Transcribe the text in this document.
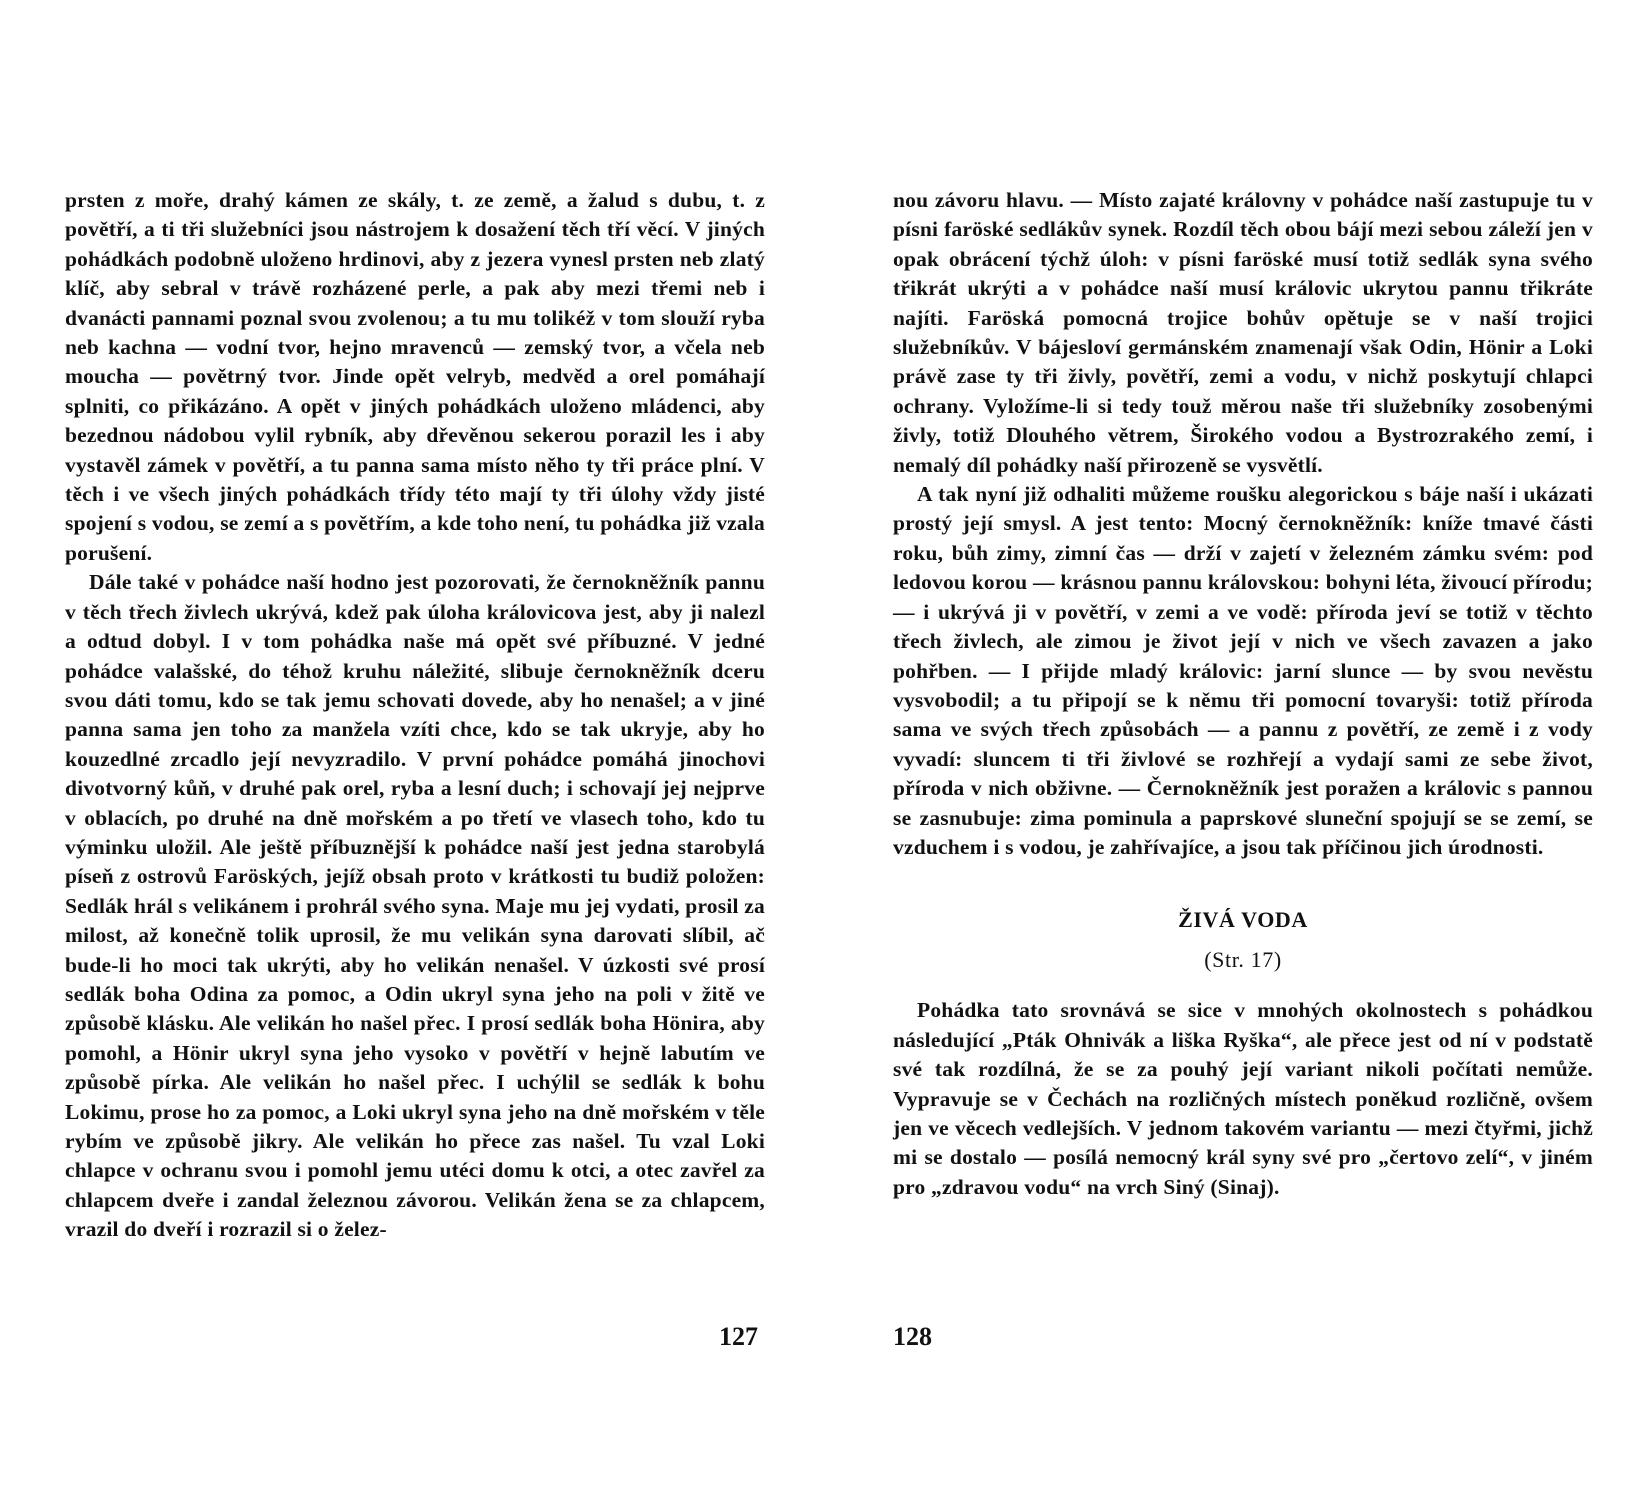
prsten z moře, drahý kámen ze skály, t. ze země, a žalud s dubu, t. z povětří, a ti tři služebníci jsou nástrojem k dosažení těch tří věcí. V jiných pohádkách podobně uloženo hrdinovi, aby z jezera vynesl prsten neb zlatý klíč, aby sebral v trávě rozházené perle, a pak aby mezi třemi neb i dvanácti pannami poznal svou zvolenou; a tu mu tolikéž v tom slouží ryba neb kachna — vodní tvor, hejno mravenců — zemský tvor, a včela neb moucha — povětrný tvor. Jinde opět velryb, medvěd a orel pomáhají splniti, co přikázáno. A opět v jiných pohádkách uloženo mládenci, aby bezednou nádobou vylil rybník, aby dřevěnou sekerou porazil les i aby vystavěl zámek v povětří, a tu panna sama místo něho ty tři práce plní. V těch i ve všech jiných pohádkách třídy této mají ty tři úlohy vždy jisté spojení s vodou, se zemí a s povětřím, a kde toho není, tu pohádka již vzala porušení.

Dále také v pohádce naší hodno jest pozorovati, že černokněžník pannu v těch třech živlech ukrývá, kdež pak úloha královicova jest, aby ji nalezl a odtud dobyl. I v tom pohádka naše má opět své příbuzné. V jedné pohádce valašské, do téhož kruhu náležité, slibuje černokněžník dceru svou dáti tomu, kdo se tak jemu schovati dovede, aby ho nenašel; a v jiné panna sama jen toho za manžela vzíti chce, kdo se tak ukryje, aby ho kouzedlné zrcadlo její nevyzradilo. V první pohádce pomáhá jinochovi divotvorný kůň, v druhé pak orel, ryba a lesní duch; i schovají jej nejprve v oblacích, po druhé na dně mořském a po třetí ve vlasech toho, kdo tu výminku uložil. Ale ještě příbuznější k pohádce naší jest jedna starobylá píseň z ostrovů Faröských, jejíž obsah proto v krátkosti tu budiž položen: Sedlák hrál s velikánem i prohrál svého syna. Maje mu jej vydati, prosil za milost, až konečně tolik uprosil, že mu velikán syna darovati slíbil, ač bude-li ho moci tak ukrýti, aby ho velikán nenašel. V úzkosti své prosí sedlák boha Odina za pomoc, a Odin ukryl syna jeho na poli v žitě ve způsobě klásku. Ale velikán ho našel přec. I prosí sedlák boha Hönira, aby pomohl, a Hönir ukryl syna jeho vysoko v povětří v hejně labutím ve způsobě pírka. Ale velikán ho našel přec. I uchýlil se sedlák k bohu Lokimu, prose ho za pomoc, a Loki ukryl syna jeho na dně mořském v těle rybím ve způsobě jikry. Ale velikán ho přece zas našel. Tu vzal Loki chlapce v ochranu svou i pomohl jemu utéci domu k otci, a otec zavřel za chlapcem dveře i zandal železnou závorou. Velikán žena se za chlapcem, vrazil do dveří i rozrazil si o želez-

nou závoru hlavu. — Místo zajaté královny v pohádce naší zastupuje tu v písni faröské sedlákův synek. Rozdíl těch obou bájí mezi sebou záleží jen v opak obrácení týchž úloh: v písni faröské musí totiž sedlák syna svého třikrát ukrýti a v pohádce naší musí královic ukrytou pannu třikráte najíti. Faröská pomocná trojice bohův opětuje se v naší trojici služebníkův. V bájesloví germánském znamenají však Odin, Hönir a Loki právě zase ty tři živly, povětří, zemi a vodu, v nichž poskytují chlapci ochrany. Vyložíme-li si tedy touž měrou naše tři služebníky zosobenými živly, totiž Dlouhého větrem, Širokého vodou a Bystrozrakého zemí, i nemalý díl pohádky naší přirozeně se vysvětlí.

A tak nyní již odhaliti můžeme roušku alegorickou s báje naší i ukázati prostý její smysl. A jest tento: Mocný černokněžník: kníže tmavé části roku, bůh zimy, zimní čas — drží v zajetí v železném zámku svém: pod ledovou korou — krásnou pannu královskou: bohyni léta, živoucí přírodu; — i ukrývá ji v povětří, v zemi a ve vodě: příroda jeví se totiž v těchto třech živlech, ale zimou je život její v nich ve všech zavazen a jako pohřben. — I přijde mladý královic: jarní slunce — by svou nevěstu vysvobodil; a tu připojí se k němu tři pomocní tovaryši: totiž příroda sama ve svých třech způsobách — a pannu z povětří, ze země i z vody vyvadí: sluncem ti tři živlové se rozhřejí a vydají sami ze sebe život, příroda v nich obživne. — Černokněžník jest poražen a královic s pannou se zasnubuje: zima pominula a paprskové sluneční spojují se se zemí, se vzduchem i s vodou, je zahřívajíce, a jsou tak příčinou jich úrodnosti.

ŽIVÁ VODA
(Str. 17)

Pohádka tato srovnává se sice v mnohých okolnostech s pohádkou následující „Pták Ohnivák a liška Ryška“, ale přece jest od ní v podstatě své tak rozdílná, že se za pouhý její variant nikoli počítati nemůže. Vypravuje se v Čechách na rozličných místech poněkud rozličně, ovšem jen ve věcech vedlejších. V jednom takovém variantu — mezi čtyřmi, jichž mi se dostalo — posílá nemocný král syny své pro „čertovo zelí“, v jiném pro „zdravou vodu“ na vrch Siný (Sinaj).

127	128
